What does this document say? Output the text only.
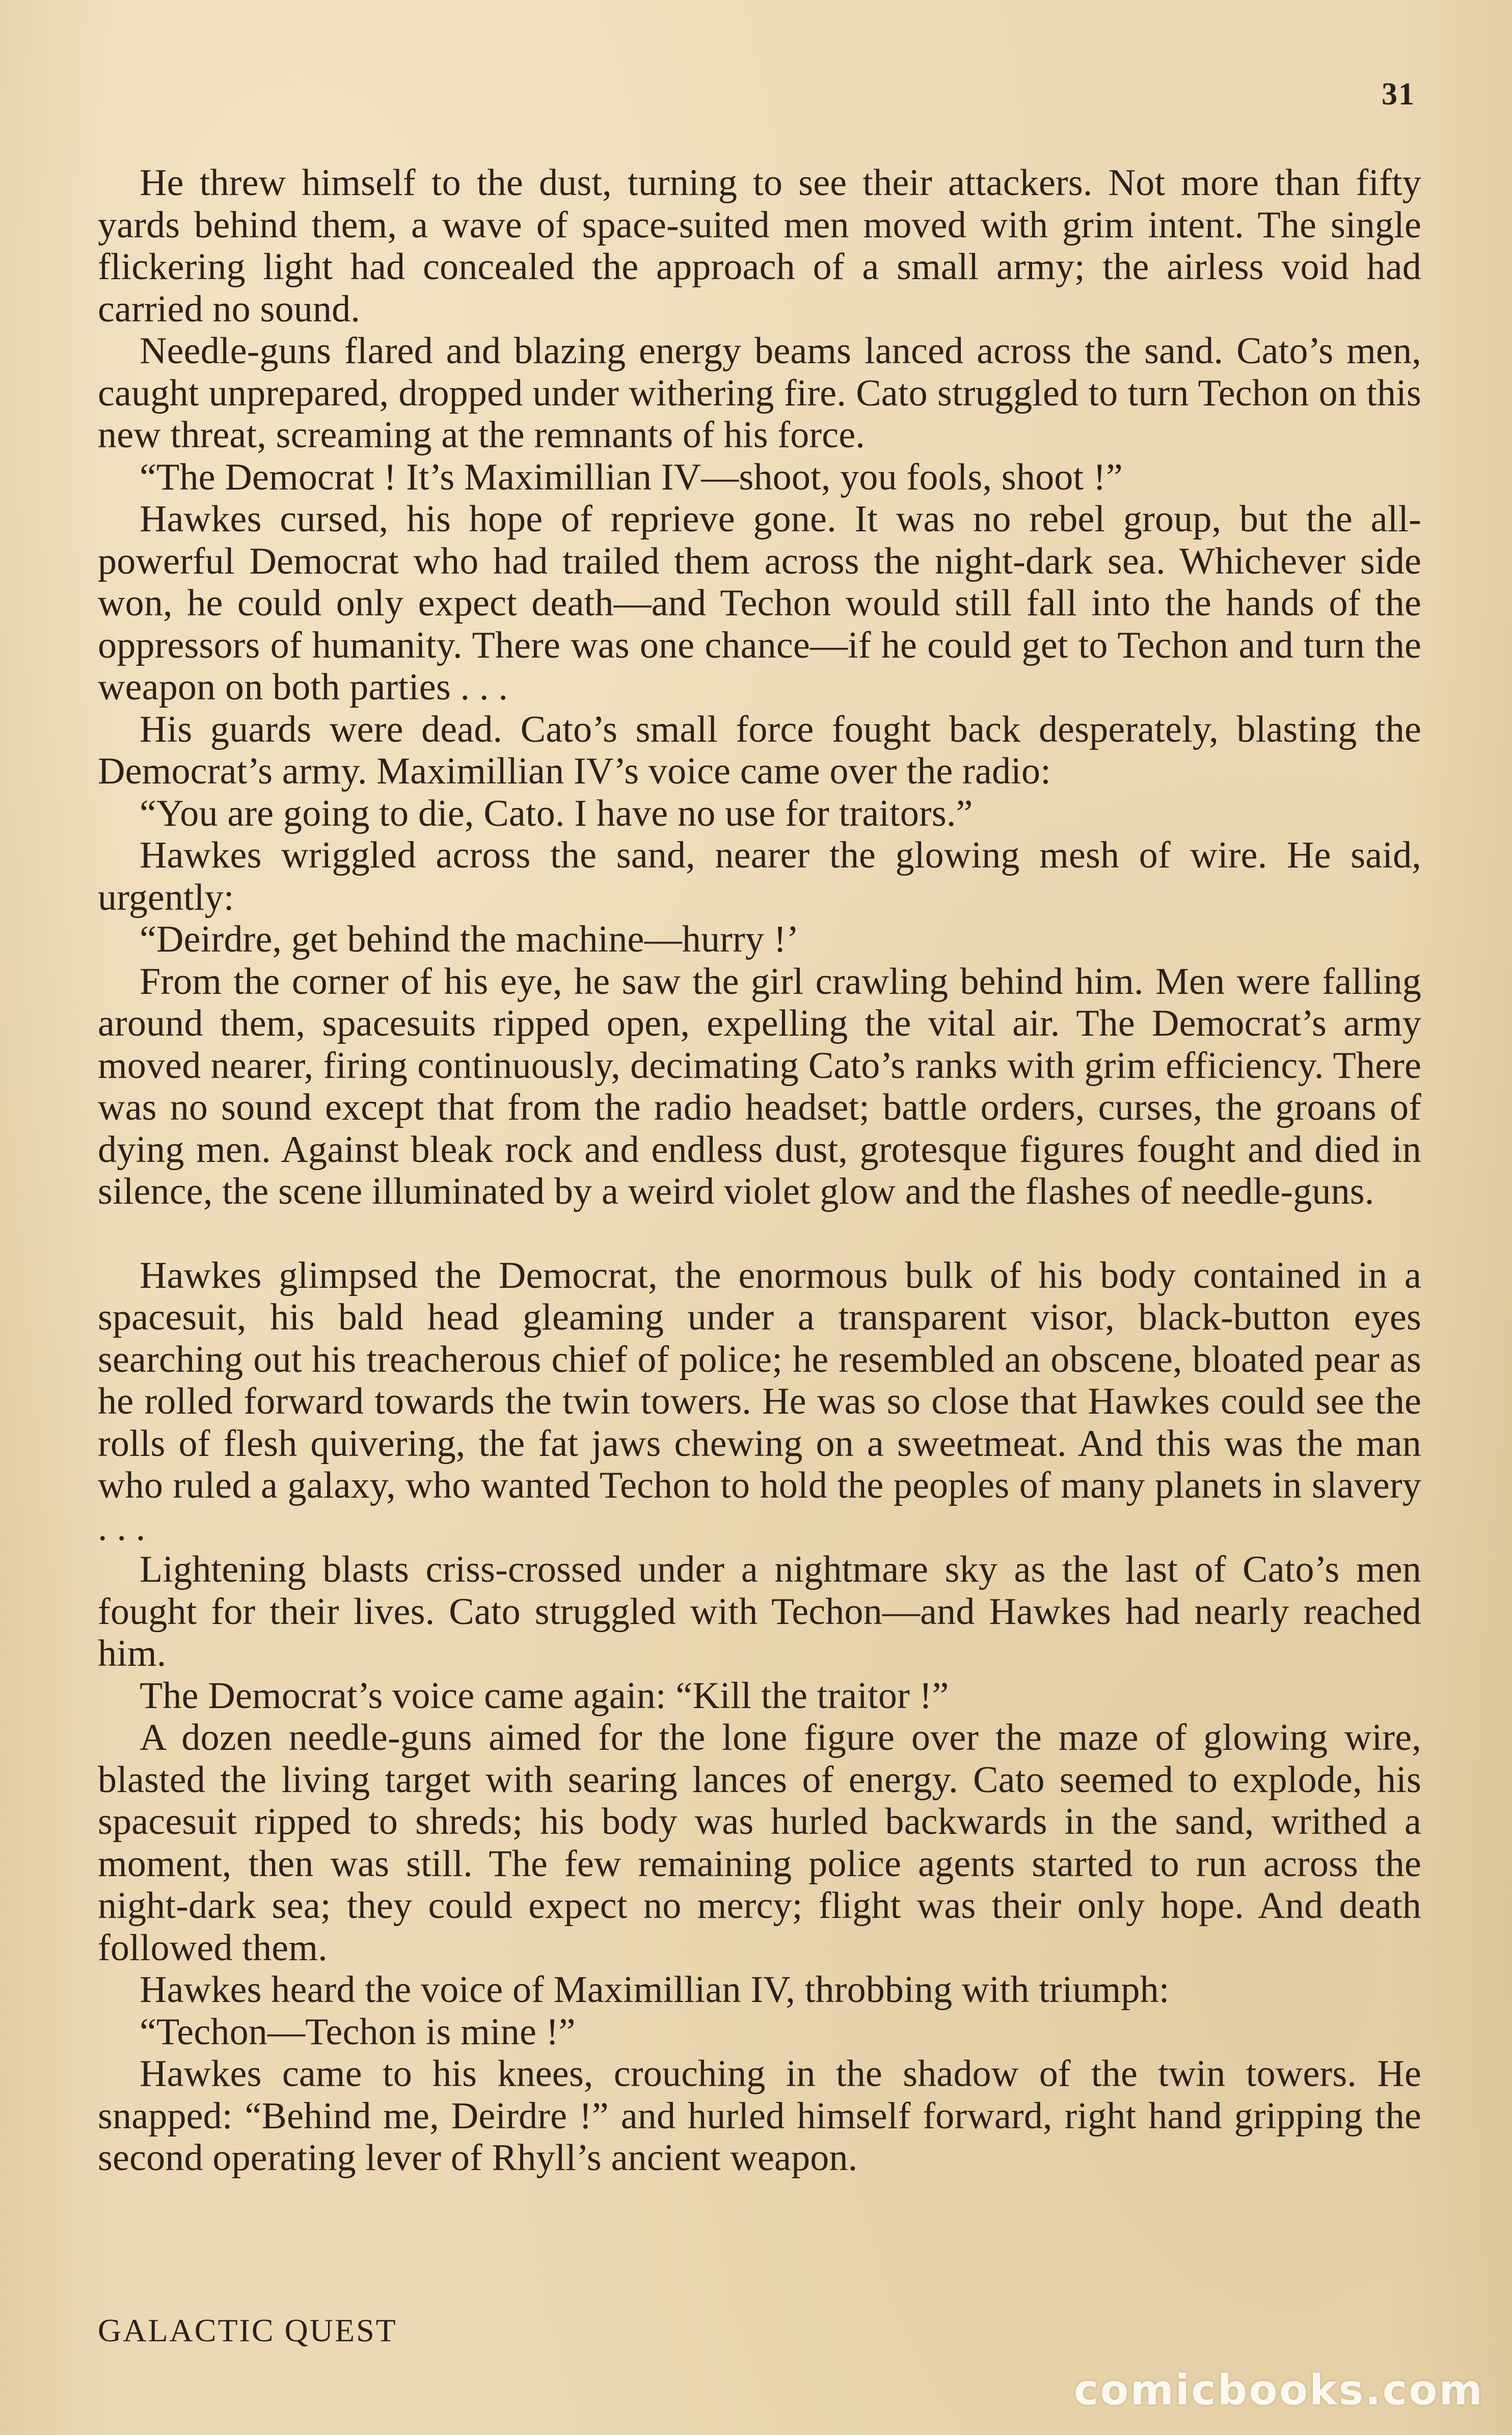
31

He threw himself to the dust, turning to see their attackers. Not more than fifty yards behind them, a wave of space-suited men moved with grim intent. The single flickering light had concealed the approach of a small army; the airless void had carried no sound.

Needle-guns flared and blazing energy beams lanced across the sand. Cato’s men, caught unprepared, dropped under withering fire. Cato struggled to turn Techon on this new threat, screaming at the remnants of his force.

“The Democrat ! It’s Maximillian IV—shoot, you fools, shoot !”

Hawkes cursed, his hope of reprieve gone. It was no rebel group, but the all-powerful Democrat who had trailed them across the night-dark sea. Whichever side won, he could only expect death—and Techon would still fall into the hands of the oppressors of humanity. There was one chance—if he could get to Techon and turn the weapon on both parties . . .

His guards were dead. Cato’s small force fought back desperately, blasting the Democrat’s army. Maximillian IV’s voice came over the radio:

“You are going to die, Cato. I have no use for traitors.”

Hawkes wriggled across the sand, nearer the glowing mesh of wire. He said, urgently:

“Deirdre, get behind the machine—hurry !’

From the corner of his eye, he saw the girl crawling behind him. Men were falling around them, spacesuits ripped open, expelling the vital air. The Democrat’s army moved nearer, firing continuously, decimating Cato’s ranks with grim efficiency. There was no sound except that from the radio headset; battle orders, curses, the groans of dying men. Against bleak rock and endless dust, grotesque figures fought and died in silence, the scene illuminated by a weird violet glow and the flashes of needle-guns.

Hawkes glimpsed the Democrat, the enormous bulk of his body contained in a spacesuit, his bald head gleaming under a transparent visor, black-button eyes searching out his treacherous chief of police; he resembled an obscene, bloated pear as he rolled forward towards the twin towers. He was so close that Hawkes could see the rolls of flesh quivering, the fat jaws chewing on a sweetmeat. And this was the man who ruled a galaxy, who wanted Techon to hold the peoples of many planets in slavery . . .

Lightening blasts criss-crossed under a nightmare sky as the last of Cato’s men fought for their lives. Cato struggled with Techon—and Hawkes had nearly reached him.

The Democrat’s voice came again: “Kill the traitor !”

A dozen needle-guns aimed for the lone figure over the maze of glowing wire, blasted the living target with searing lances of energy. Cato seemed to explode, his spacesuit ripped to shreds; his body was hurled backwards in the sand, writhed a moment, then was still. The few remaining police agents started to run across the night-dark sea; they could expect no mercy; flight was their only hope. And death followed them.

Hawkes heard the voice of Maximillian IV, throbbing with triumph:

“Techon—Techon is mine !”

Hawkes came to his knees, crouching in the shadow of the twin towers. He snapped: “Behind me, Deirdre !” and hurled himself forward, right hand gripping the second operating lever of Rhyll’s ancient weapon.

GALACTIC QUEST
comicbooks.com
